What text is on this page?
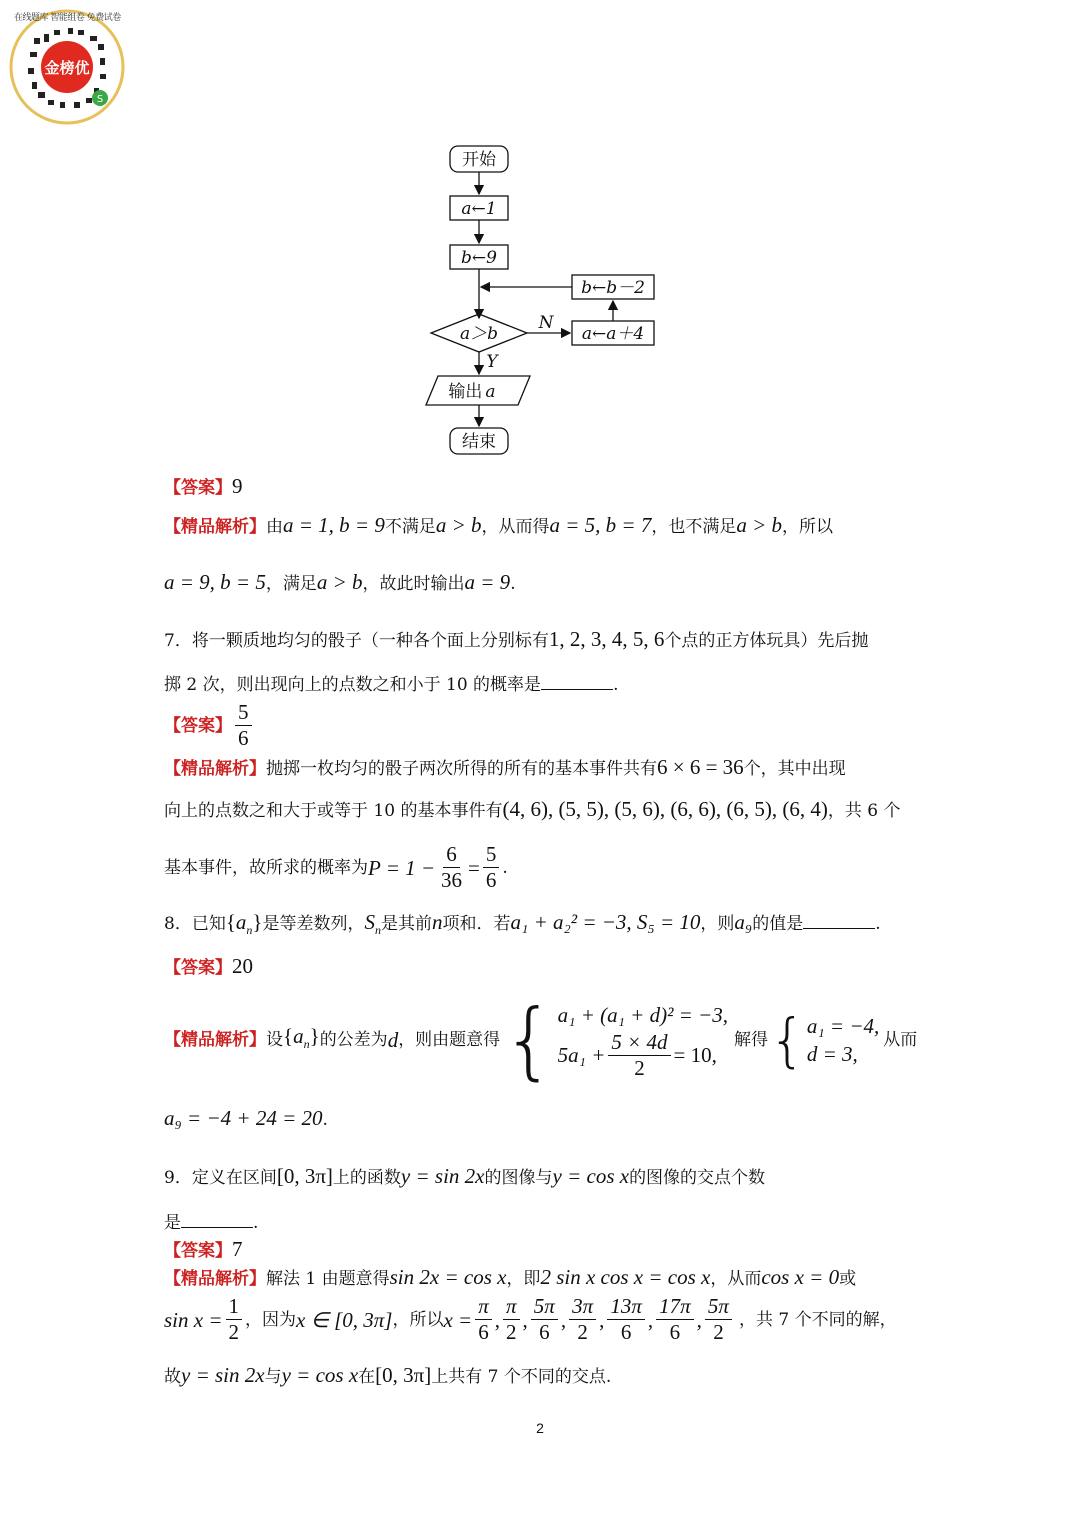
金榜优
S
在线题库 智能组卷 免费试卷
开始
a←1
b←9
a＞b
b←b－2
a←a＋4
N
Y
结束
输出 a
【答案】9
【精品解析】由a = 1, b = 9不满足a > b，从而得a = 5, b = 7，也不满足a > b，所以
a = 9, b = 5，满足a > b，故此时输出a = 9.
7．将一颗质地均匀的骰子（一种各个面上分别标有1, 2, 3, 4, 5, 6个点的正方体玩具）先后抛
掷 2 次，则出现向上的点数之和小于 10 的概率是	.
【答案】 $\frac{5}{6}$
【精品解析】抛掷一枚均匀的骰子两次所得的所有的基本事件共有6 × 6 = 36个，其中出现
向上的点数之和大于或等于 10 的基本事件有(4, 6), (5, 5), (5, 6), (6, 6), (6, 5), (6, 4)，共 6 个
基本事件，故所求的概率为 $P = 1 - \frac{6}{36} = \frac{5}{6}$ .
8．已知$\{a_n\}$是等差数列，$S_n$是其前n项和．若a₁ + a₂² = −3, S₅ = 10，则a₉的值是	.
【答案】20
【精品解析】 设 $\{a_n\}$ 的公差为 d ，则由题意得 { a₁ + (a₁ + d)² = −3,
$5a_1 + \frac{5 \times 4d}{2} = 10$,
解得 { a₁ = −4,
d = 3,
从而
a₉ = −4 + 24 = 20.
9．定义在区间[0, 3π]上的函数y = sin 2x的图像与y = cos x的图像的交点个数
是	.
【答案】7
【精品解析】解法 1 由题意得sin 2x = cos x，即2 sin x cos x = cos x，从而cos x = 0或
$\sin x = \frac{1}{2}$ ，因为 x ∈ [0, 3π] ，所以 $x = \frac{\pi}{6}$ , $\frac{\pi}{2}$ , $\frac{5\pi}{6}$ , $\frac{3\pi}{2}$ , $\frac{13\pi}{6}$ , $\frac{17\pi}{6}$ , $\frac{5\pi}{2}$ ，共 7 个不同的解，
故y = sin 2x与y = cos x在[0, 3π]上共有 7 个不同的交点.
2
